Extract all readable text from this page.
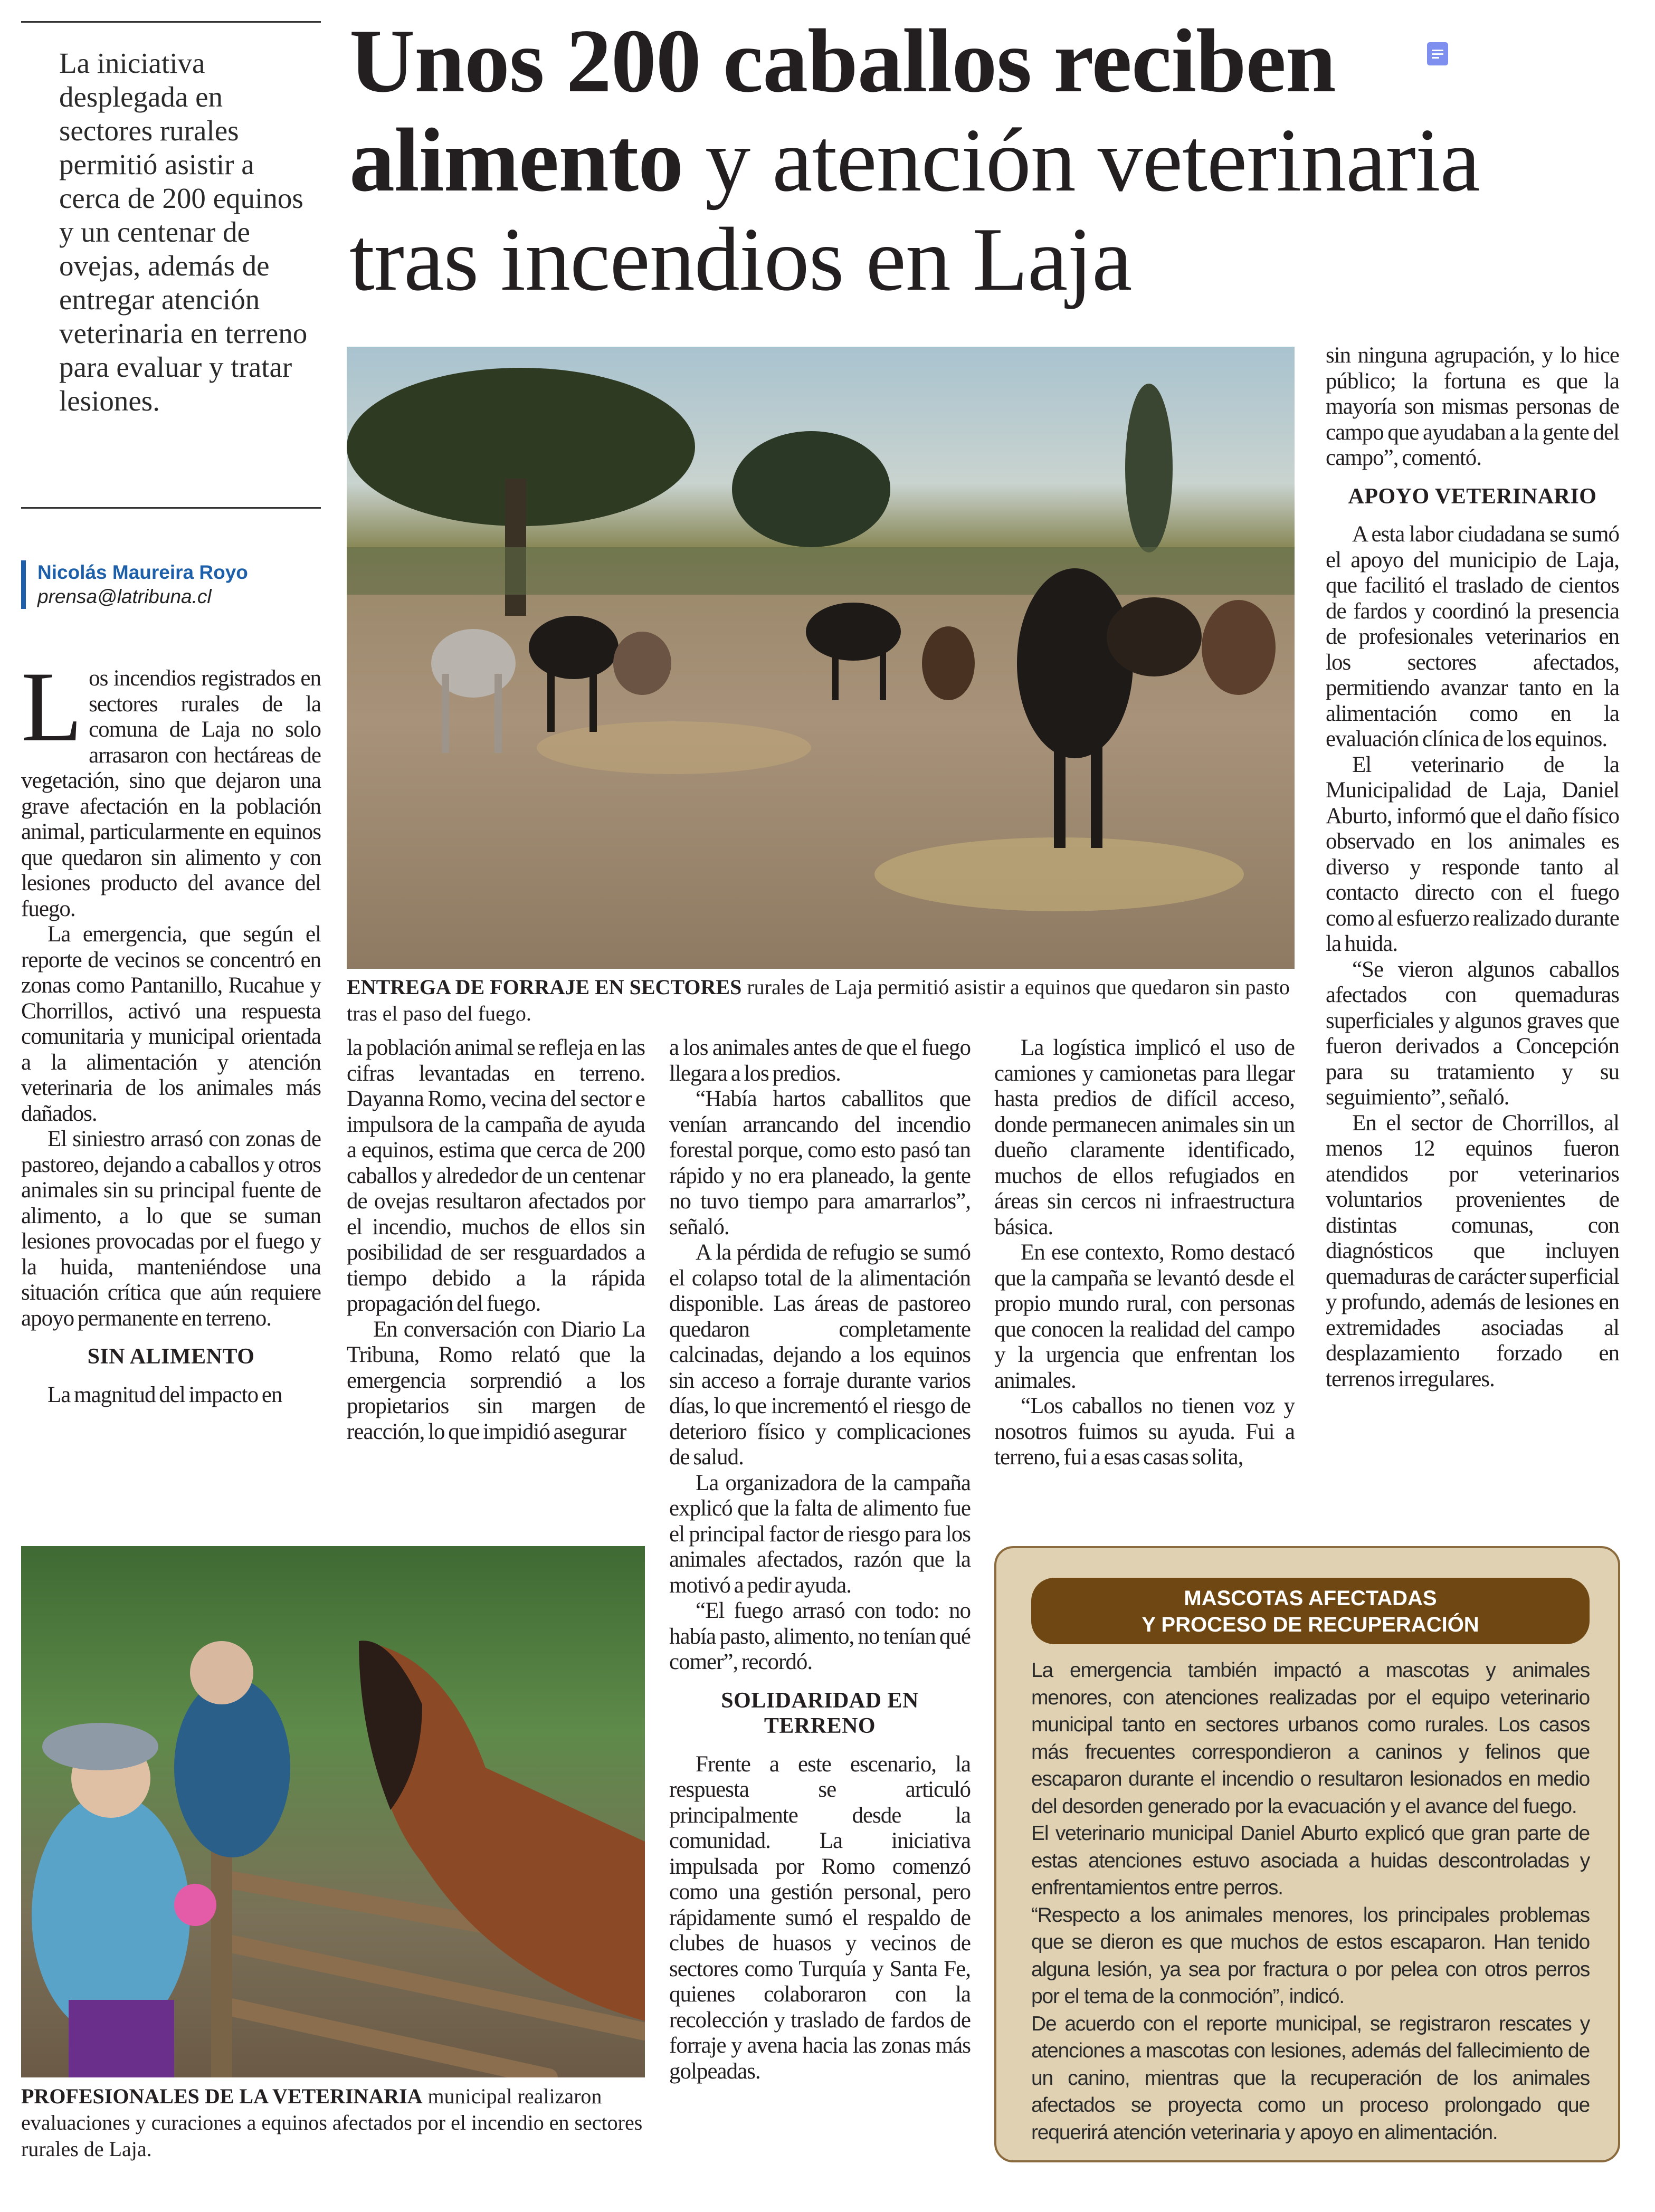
La iniciativa desplegada en sectores rurales permitió asistir a cerca de 200 equinos y un centenar de ovejas, además de entregar atención veterinaria en terreno para evaluar y tratar lesiones.
Nicolás Maureira Royo
prensa@latribuna.cl
Unos 200 caballos reciben
alimento y atención veterinaria
tras incendios en Laja
ENTREGA DE FORRAJE EN SECTORES rurales de Laja permitió asistir a equinos que quedaron sin pasto tras el paso del fuego.

Los incendios registrados en sectores rurales de la comuna de Laja no solo arrasaron con hectáreas de vegetación, sino que dejaron una grave afectación en la población animal, particularmente en equinos que quedaron sin alimento y con lesiones producto del avance del fuego.

La emergencia, que según el reporte de vecinos se concentró en zonas como Pantanillo, Rucahue y Chorrillos, activó una respuesta comunitaria y municipal orientada a la alimentación y atención veterinaria de los animales más dañados.

El siniestro arrasó con zonas de pastoreo, dejando a caballos y otros animales sin su principal fuente de alimento, a lo que se suman lesiones provocadas por el fuego y la huida, manteniéndose una situación crítica que aún requiere apoyo permanente en terreno.

SIN ALIMENTO

La magnitud del impacto en

la población animal se refleja en las cifras levantadas en terreno. Dayanna Romo, vecina del sector e impulsora de la campaña de ayuda a equinos, estima que cerca de 200 caballos y alrededor de un centenar de ovejas resultaron afectados por el incendio, muchos de ellos sin posibilidad de ser resguardados a tiempo debido a la rápida propagación del fuego.

En conversación con Diario La Tribuna, Romo relató que la emergencia sorprendió a los propietarios sin margen de reacción, lo que impidió asegurar

a los animales antes de que el fuego llegara a los predios.

“Había hartos caballitos que venían arrancando del incendio forestal porque, como esto pasó tan rápido y no era planeado, la gente no tuvo tiempo para amarrarlos”, señaló.

A la pérdida de refugio se sumó el colapso total de la alimentación disponible. Las áreas de pastoreo quedaron completamente calcinadas, dejando a los equinos sin acceso a forraje durante varios días, lo que incrementó el riesgo de deterioro físico y complicaciones de salud.

La organizadora de la campaña explicó que la falta de alimento fue el principal factor de riesgo para los animales afectados, razón que la motivó a pedir ayuda.

“El fuego arrasó con todo: no había pasto, alimento, no tenían qué comer”, recordó.

SOLIDARIDAD EN TERRENO

Frente a este escenario, la respuesta se articuló principalmente desde la comunidad. La iniciativa impulsada por Romo comenzó como una gestión personal, pero rápidamente sumó el respaldo de clubes de huasos y vecinos de sectores como Turquía y Santa Fe, quienes colaboraron con la recolección y traslado de fardos de forraje y avena hacia las zonas más golpeadas.

La logística implicó el uso de camiones y camionetas para llegar hasta predios de difícil acceso, donde permanecen animales sin un dueño claramente identificado, muchos de ellos refugiados en áreas sin cercos ni infraestructura básica.

En ese contexto, Romo destacó que la campaña se levantó desde el propio mundo rural, con personas que conocen la realidad del campo y la urgencia que enfrentan los animales.

“Los caballos no tienen voz y nosotros fuimos su ayuda. Fui a terreno, fui a esas casas solita,

sin ninguna agrupación, y lo hice público; la fortuna es que la mayoría son mismas personas de campo que ayudaban a la gente del campo”, comentó.

APOYO VETERINARIO

A esta labor ciudadana se sumó el apoyo del municipio de Laja, que facilitó el traslado de cientos de fardos y coordinó la presencia de profesionales veterinarios en los sectores afectados, permitiendo avanzar tanto en la alimentación como en la evaluación clínica de los equinos.

El veterinario de la Municipalidad de Laja, Daniel Aburto, informó que el daño físico observado en los animales es diverso y responde tanto al contacto directo con el fuego como al esfuerzo realizado durante la huida.

“Se vieron algunos caballos afectados con quemaduras superficiales y algunos graves que fueron derivados a Concepción para su tratamiento y su seguimiento”, señaló.

En el sector de Chorrillos, al menos 12 equinos fueron atendidos por veterinarios voluntarios provenientes de distintas comunas, con diagnósticos que incluyen quemaduras de carácter superficial y profundo, además de lesiones en extremidades asociadas al desplazamiento forzado en terrenos irregulares.

PROFESIONALES DE LA VETERINARIA municipal realizaron evaluaciones y curaciones a equinos afectados por el incendio en sectores rurales de Laja.
MASCOTAS AFECTADAS
Y PROCESO DE RECUPERACIÓN

La emergencia también impactó a mascotas y animales menores, con atenciones realizadas por el equipo veterinario municipal tanto en sectores urbanos como rurales. Los casos más frecuentes correspondieron a caninos y felinos que escaparon durante el incendio o resultaron lesionados en medio del desorden generado por la evacuación y el avance del fuego.

El veterinario municipal Daniel Aburto explicó que gran parte de estas atenciones estuvo asociada a huidas descontroladas y enfrentamientos entre perros.

“Respecto a los animales menores, los principales problemas que se dieron es que muchos de estos escaparon. Han tenido alguna lesión, ya sea por fractura o por pelea con otros perros por el tema de la conmoción”, indicó.

De acuerdo con el reporte municipal, se registraron rescates y atenciones a mascotas con lesiones, además del fallecimiento de un canino, mientras que la recuperación de los animales afectados se proyecta como un proceso prolongado que requerirá atención veterinaria y apoyo en alimentación.
